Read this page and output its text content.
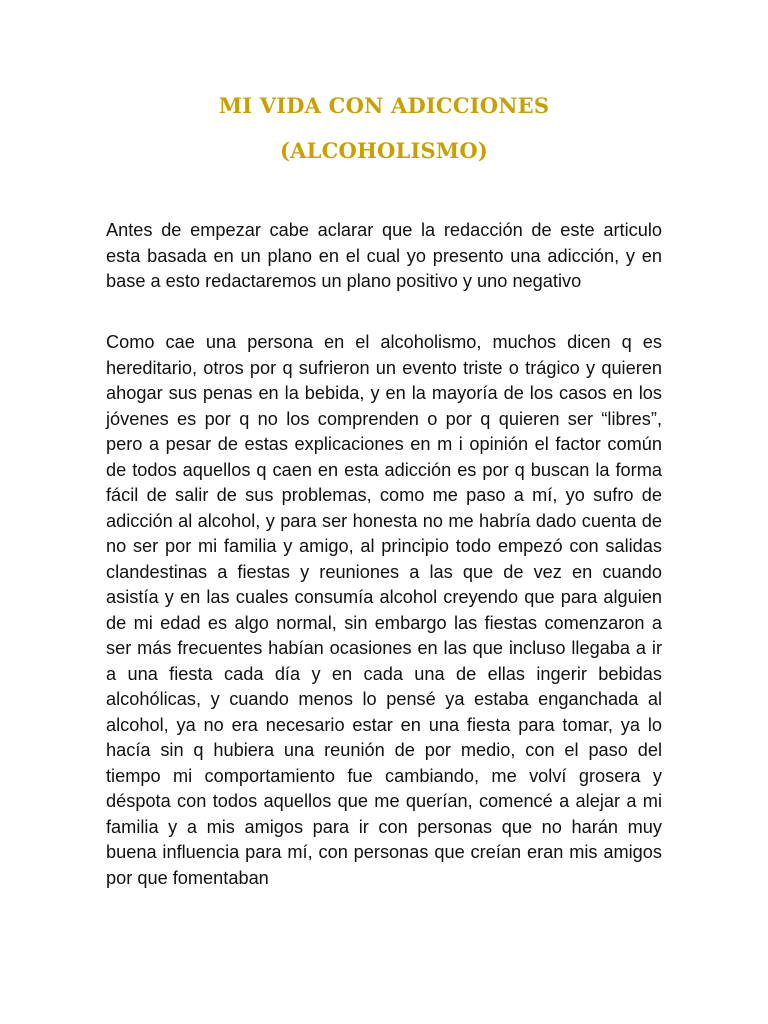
MI VIDA CON ADICCIONES
(ALCOHOLISMO)

Antes de empezar cabe aclarar que la redacción de este articulo esta basada en un plano en el cual yo presento una adicción, y en base a esto redactaremos un plano positivo y uno negativo

Como cae una persona en el alcoholismo, muchos dicen q es hereditario, otros por q sufrieron un evento triste o trágico y quieren ahogar sus penas en la bebida, y en la mayoría de los casos en los jóvenes es por q no los comprenden o por q quieren ser “libres”, pero a pesar de estas explicaciones en m i opinión el factor común de todos aquellos q caen en esta adicción es por q buscan la forma fácil de salir de sus problemas, como me paso a mí, yo sufro de adicción al alcohol, y para ser honesta no me habría dado cuenta de no ser por mi familia y amigo, al principio todo empezó con salidas clandestinas a fiestas y reuniones a las que de vez en cuando asistía y en las cuales consumía alcohol creyendo que para alguien de mi edad es algo normal, sin embargo las fiestas comenzaron a ser más frecuentes habían ocasiones en las que incluso llegaba a ir a una fiesta cada día y en cada una de ellas ingerir bebidas alcohólicas, y cuando menos lo pensé ya estaba enganchada al alcohol, ya no era necesario estar en una fiesta para tomar, ya lo hacía sin q hubiera una reunión de por medio, con el paso del tiempo mi comportamiento fue cambiando, me volví grosera y déspota con todos aquellos que me querían, comencé a alejar a mi familia y a mis amigos para ir con personas que no harán muy buena influencia para mí, con personas que creían eran mis amigos por que fomentaban
